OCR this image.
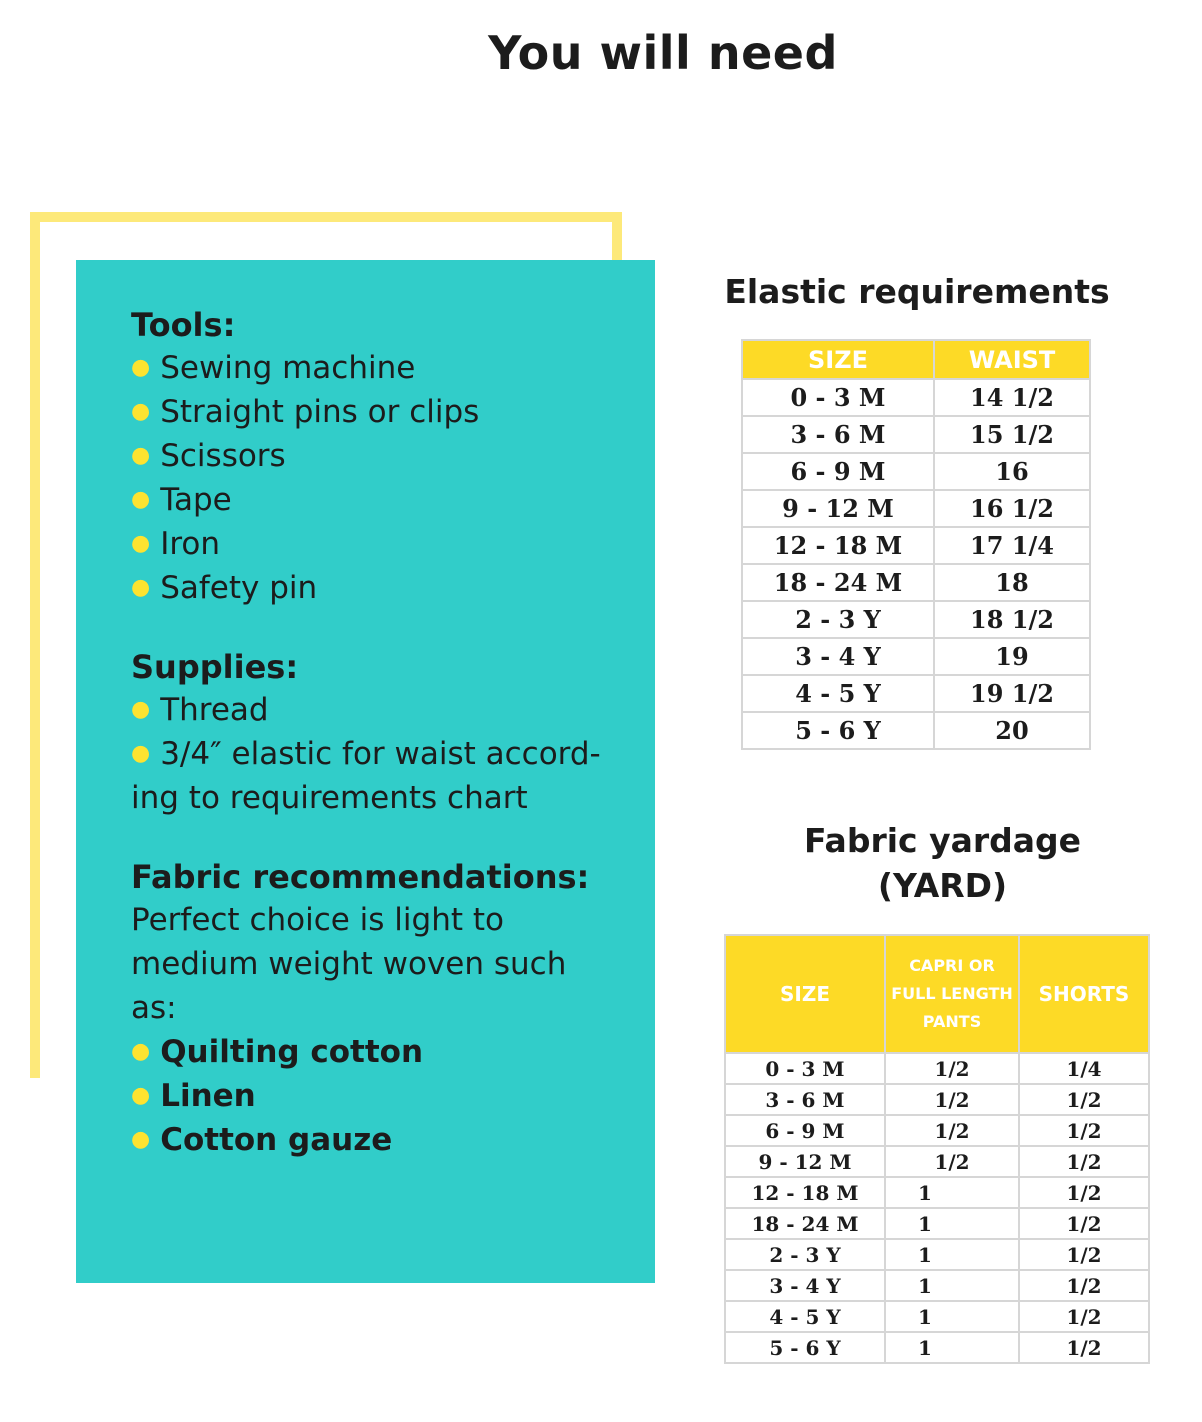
You will need

Tools:

● Sewing machine
● Straight pins or clips
● Scissors
● Tape
● Iron
● Safety pin

Supplies:

● Thread
● 3/4″ elastic for waist accord-ing to requirements chart

Fabric recommendations:

Perfect choice is light to medium weight woven such as:

● Quilting cotton
● Linen
● Cotton gauze

Elastic requirements

SIZE	WAIST
0 - 3 M	14 1/2
3 - 6 M	15 1/2
6 - 9 M	16
9 - 12 M	16 1/2
12 - 18 M	17 1/4
18 - 24 M	18
2 - 3 Y	18 1/2
3 - 4 Y	19
4 - 5 Y	19 1/2
5 - 6 Y	20

Fabric yardage
(YARD)

SIZE	CAPRI OR FULL LENGTH PANTS	SHORTS
0 - 3 M	1/2	1/4
3 - 6 M	1/2	1/2
6 - 9 M	1/2	1/2
9 - 12 M	1/2	1/2
12 - 18 M	1	1/2
18 - 24 M	1	1/2
2 - 3 Y	1	1/2
3 - 4 Y	1	1/2
4 - 5 Y	1	1/2
5 - 6 Y	1	1/2
